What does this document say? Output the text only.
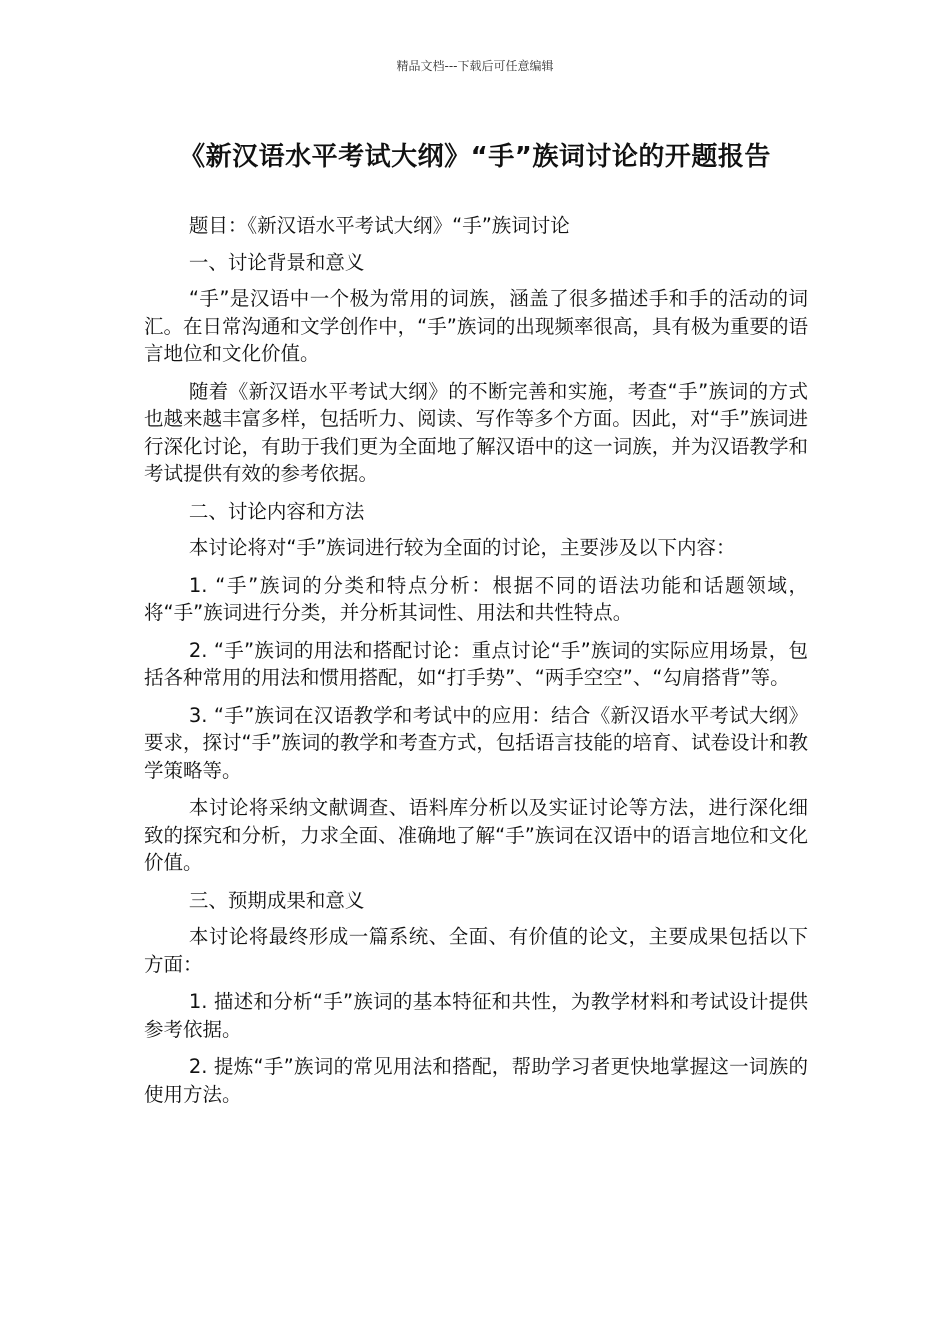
精品文档---下载后可任意编辑
《新汉语水平考试大纲》“手”族词讨论的开题报告

题目：《新汉语水平考试大纲》“手”族词讨论

一、讨论背景和意义

“手”是汉语中一个极为常用的词族，涵盖了很多描述手和手的活动的词汇。在日常沟通和文学创作中，“手”族词的出现频率很高，具有极为重要的语言地位和文化价值。

随着《新汉语水平考试大纲》的不断完善和实施，考查“手”族词的方式也越来越丰富多样，包括听力、阅读、写作等多个方面。因此，对“手”族词进行深化讨论，有助于我们更为全面地了解汉语中的这一词族，并为汉语教学和考试提供有效的参考依据。

二、讨论内容和方法

本讨论将对“手”族词进行较为全面的讨论，主要涉及以下内容：

1. “手”族词的分类和特点分析：根据不同的语法功能和话题领域，将“手”族词进行分类，并分析其词性、用法和共性特点。

2. “手”族词的用法和搭配讨论：重点讨论“手”族词的实际应用场景，包括各种常用的用法和惯用搭配，如“打手势”、“两手空空”、“勾肩搭背”等。

3. “手”族词在汉语教学和考试中的应用：结合《新汉语水平考试大纲》要求，探讨“手”族词的教学和考查方式，包括语言技能的培育、试卷设计和教学策略等。

本讨论将采纳文献调查、语料库分析以及实证讨论等方法，进行深化细致的探究和分析，力求全面、准确地了解“手”族词在汉语中的语言地位和文化价值。

三、预期成果和意义

本讨论将最终形成一篇系统、全面、有价值的论文，主要成果包括以下方面：

1. 描述和分析“手”族词的基本特征和共性，为教学材料和考试设计提供参考依据。

2. 提炼“手”族词的常见用法和搭配，帮助学习者更快地掌握这一词族的使用方法。
